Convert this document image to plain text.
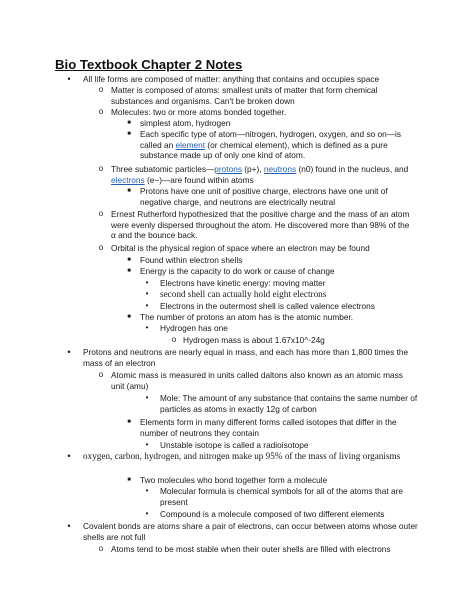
Bio Textbook Chapter 2 Notes
•	All life forms are composed of matter: anything that contains and occupies space
o Matter is composed of atoms: smallest units of matter that form chemical substances and organisms. Can't be broken down
o Molecules: two or more atoms bonded together.
■	simplest atom, hydrogen
■	Each specific type of atom—nitrogen, hydrogen, oxygen, and so on—is called an element (or chemical element), which is defined as a pure substance made up of only one kind of atom.
o Three subatomic particles—protons (p+), neutrons (n0) found in the nucleus, and electrons (e−)—are found within atoms
■	Protons have one unit of positive charge, electrons have one unit of negative charge, and neutrons are electrically neutral
o Ernest Rutherford hypothesized that the positive charge and the mass of an atom were evenly dispersed throughout the atom. He discovered more than 98% of the α and the bounce back.
o Orbital is the physical region of space where an electron may be found
■	Found within electron shells
■	Energy is the capacity to do work or cause of change
•	Electrons have kinetic energy: moving matter
•	second shell can actually hold eight electrons
•	Electrons in the outermost shell is called valence electrons
■	The number of protons an atom has is the atomic number.
•	Hydrogen has one
o Hydrogen mass is about 1.67x10^-24g
•	Protons and neutrons are nearly equal in mass, and each has more than 1,800 times the mass of an electron
o Atomic mass is measured in units called daltons also known as an atomic mass unit (amu)
•	Mole: The amount of any substance that contains the same number of particles as atoms in exactly 12g of carbon
■	Elements form in many different forms called isotopes that differ in the number of neutrons they contain
•	Unstable isotope is called a radioisotope
•	oxygen, carbon, hydrogen, and nitrogen make up 95% of the mass of living organisms
■	Two molecules who bond together form a molecule
•	Molecular formula is chemical symbols for all of the atoms that are present
•	Compound is a molecule composed of two different elements
•	Covalent bonds are atoms share a pair of electrons, can occur between atoms whose outer shells are not full
o Atoms tend to be most stable when their outer shells are filled with electrons
